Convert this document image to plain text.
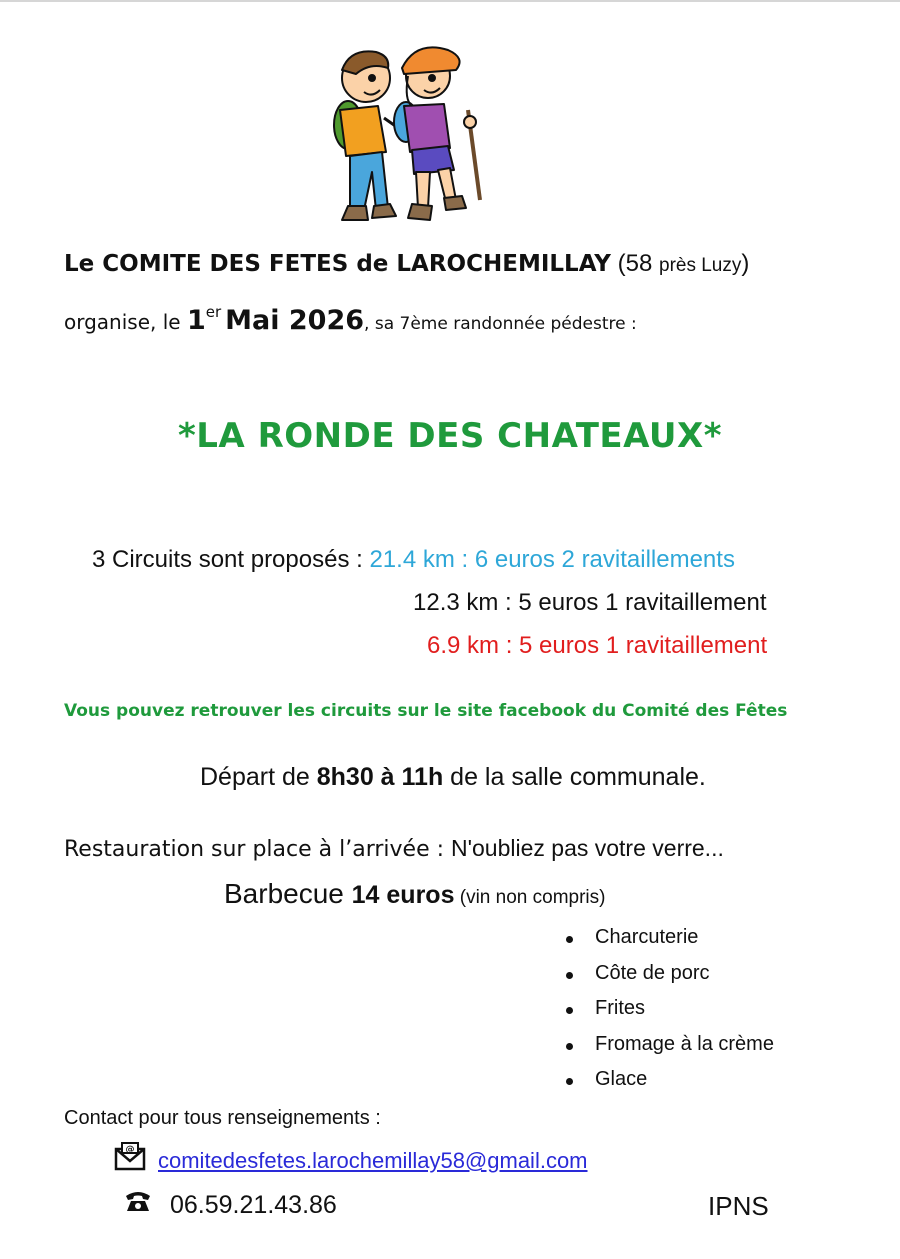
Le COMITE DES FETES de LAROCHEMILLAY (58 près Luzy)
organise, le 1er Mai 2026, sa 7ème randonnée pédestre :
*LA RONDE DES CHATEAUX*
3 Circuits sont proposés : 21.4 km : 6 euros 2 ravitaillements
12.3 km : 5 euros 1 ravitaillement
6.9 km : 5 euros 1 ravitaillement
Vous pouvez retrouver les circuits sur le site facebook du Comité des Fêtes
Départ de 8h30 à 11h de la salle communale.
Restauration sur place à l’arrivée : N'oubliez pas votre verre...
Barbecue 14 euros (vin non compris)
Charcuterie
Côte de porc
Frites
Fromage à la crème
Glace
Contact pour tous renseignements :
@ comitedesfetes.larochemillay58@gmail.com
06.59.21.43.86	IPNS
